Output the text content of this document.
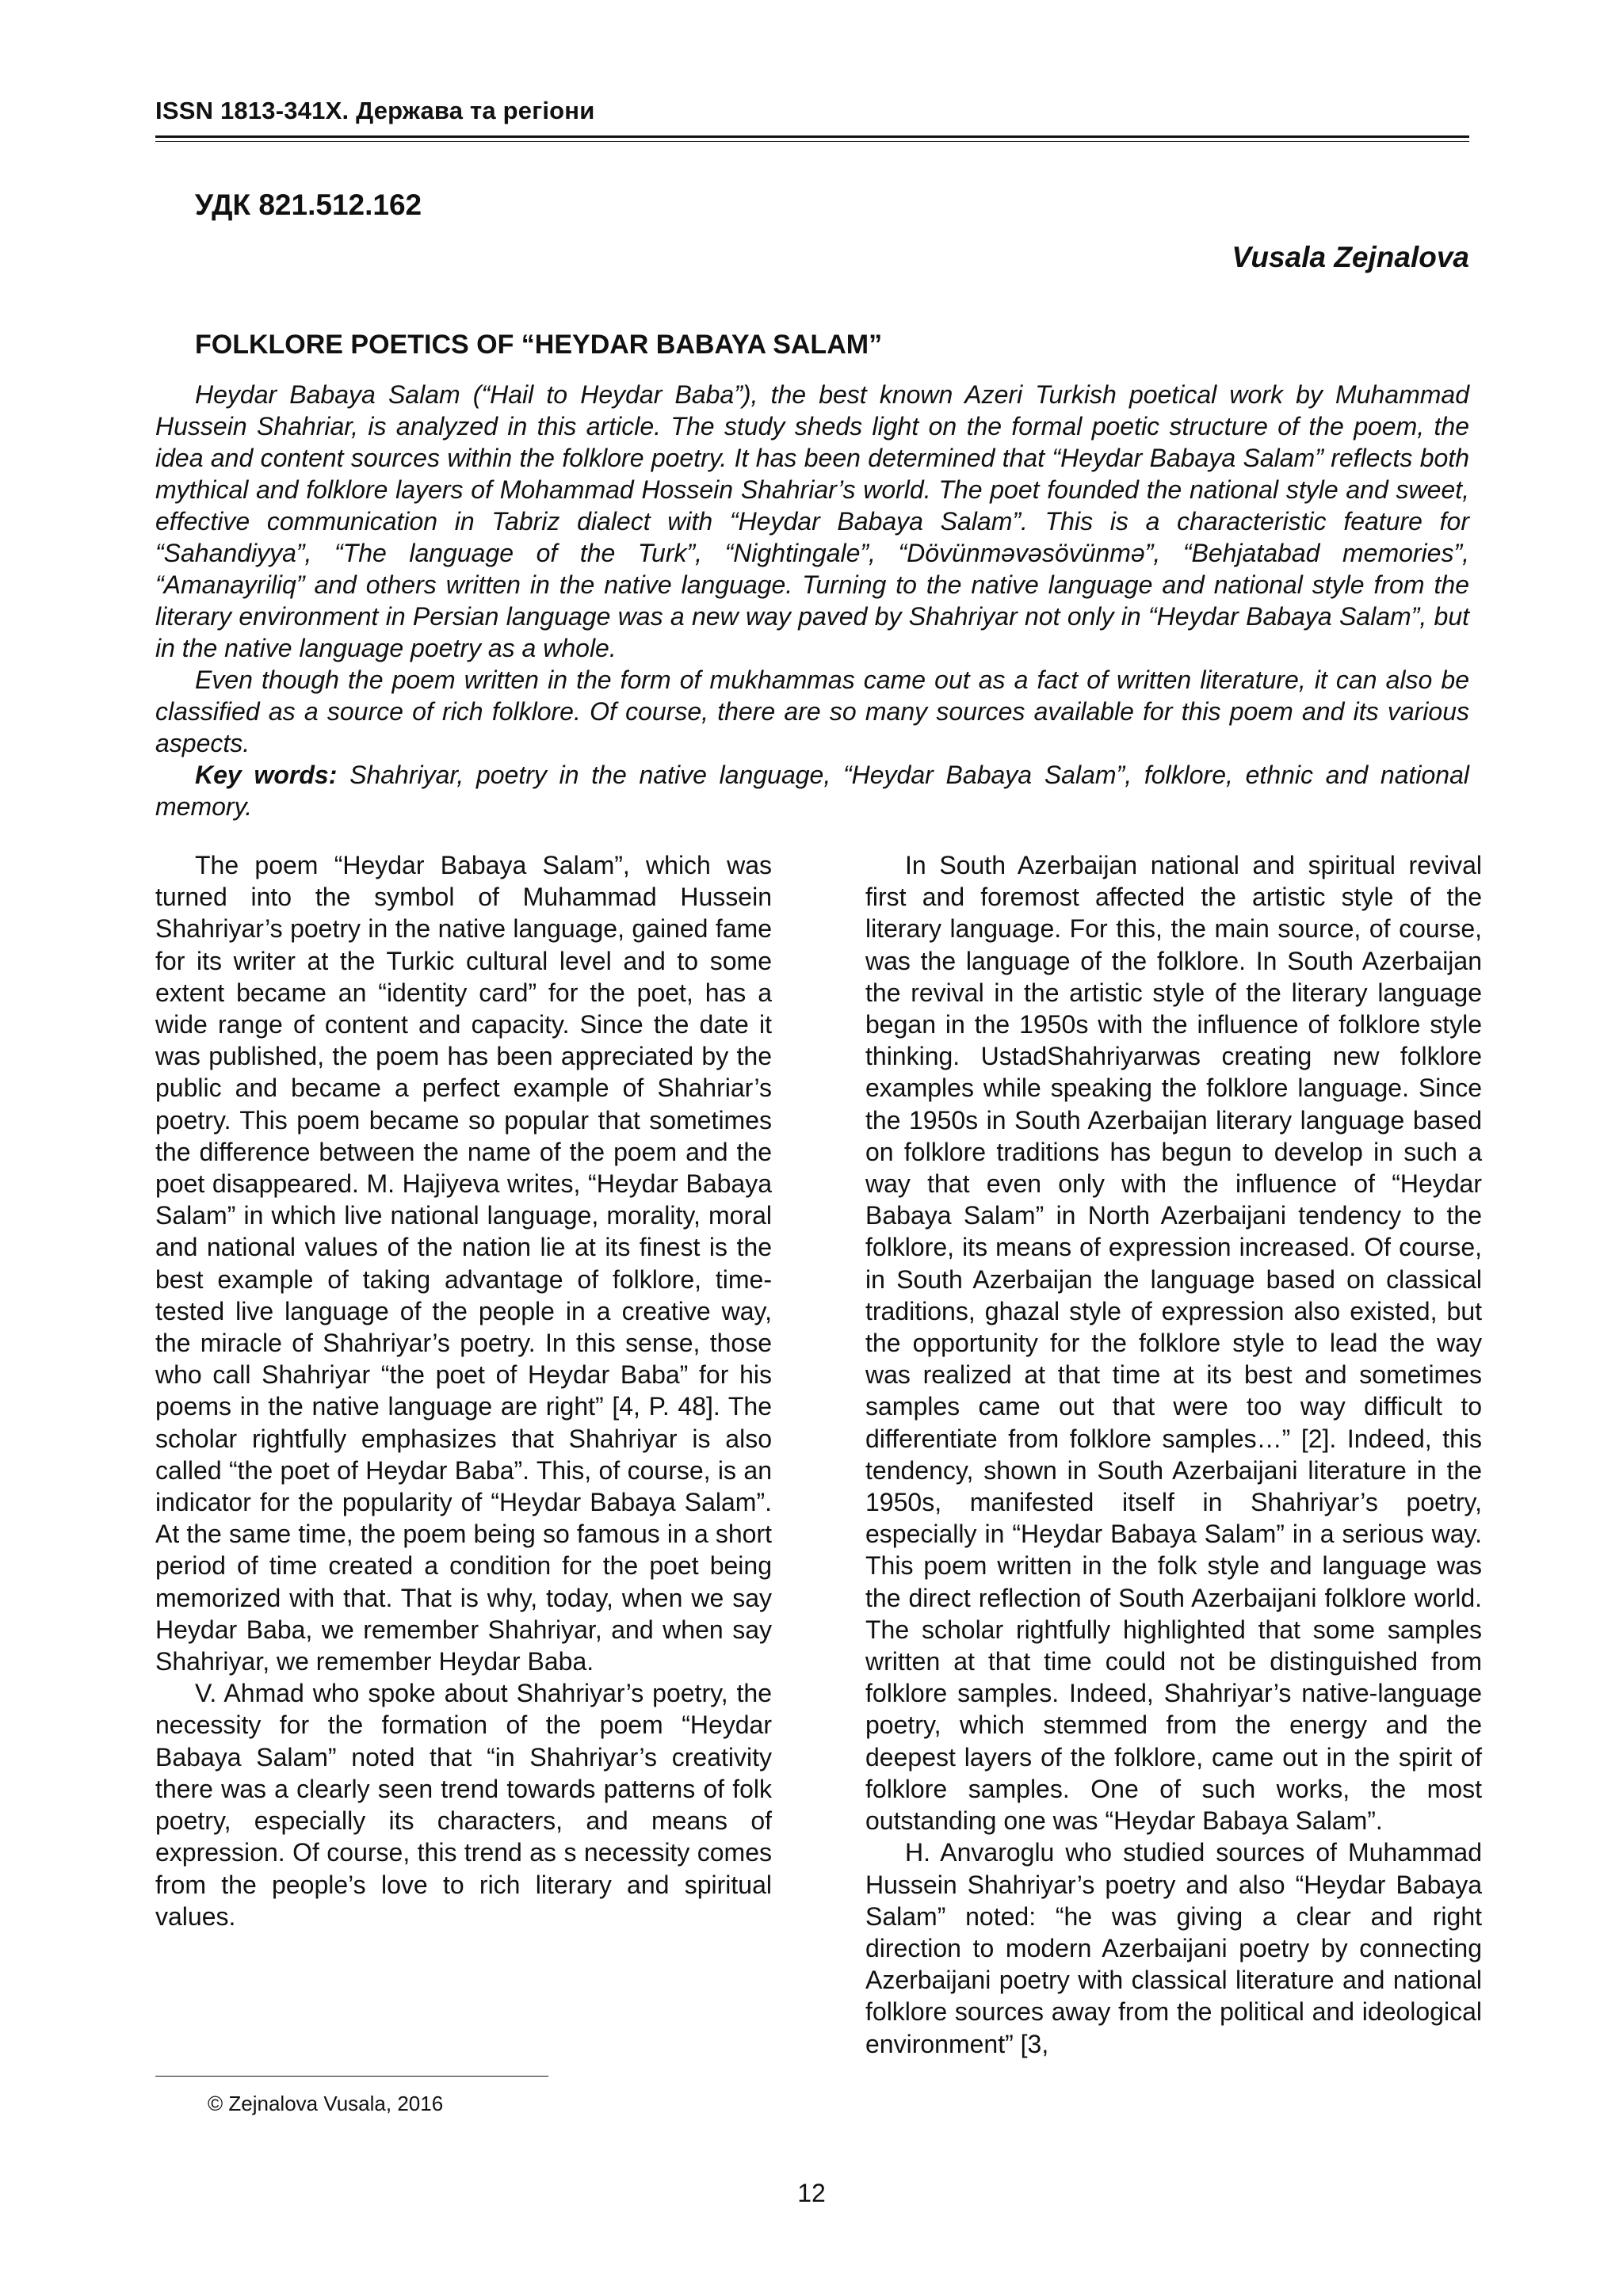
ISSN 1813-341Х. Держава та регіони
УДК 821.512.162
Vusala Zejnalova
FOLKLORE POETICS OF “HEYDAR BABAYA SALAM”

Heydar Babaya Salam (“Hail to Heydar Baba”), the best known Azeri Turkish poetical work by Muhammad Hussein Shahriar, is analyzed in this article. The study sheds light on the formal poetic structure of the poem, the idea and content sources within the folklore poetry. It has been determined that “Heydar Babaya Salam” reflects both mythical and folklore layers of Mohammad Hossein Shahriar’s world. The poet founded the national style and sweet, effective communication in Tabriz dialect with “Heydar Babaya Salam”. This is a characteristic feature for “Sahandiyya”, “The language of the Turk”, “Nightingale”, “Dövünməvəsövünmə”, “Behjatabad memories”, “Amanayriliq” and others written in the native language. Turning to the native language and national style from the literary environment in Persian language was a new way paved by Shahriyar not only in “Heydar Babaya Salam”, but in the native language poetry as a whole.

Even though the poem written in the form of mukhammas came out as a fact of written literature, it can also be classified as a source of rich folklore. Of course, there are so many sources available for this poem and its various aspects.

Key words: Shahriyar, poetry in the native language, “Heydar Babaya Salam”, folklore, ethnic and national memory.

The poem “Heydar Babaya Salam”, which was turned into the symbol of Muhammad Hussein Shahriyar’s poetry in the native language, gained fame for its writer at the Turkic cultural level and to some extent became an “identity card” for the poet, has a wide range of content and capacity. Since the date it was published, the poem has been appreciated by the public and became a perfect example of Shahriar’s poetry. This poem became so popular that sometimes the difference between the name of the poem and the poet disappeared. M. Hajiyeva writes, “Heydar Babaya Salam” in which live national language, morality, moral and national values of the nation lie at its finest is the best example of taking advantage of folklore, time-tested live language of the people in a creative way, the miracle of Shahriyar’s poetry. In this sense, those who call Shahriyar “the poet of Heydar Baba” for his poems in the native language are right” [4, P. 48]. The scholar rightfully emphasizes that Shahriyar is also called “the poet of Heydar Baba”. This, of course, is an indicator for the popularity of “Heydar Babaya Salam”. At the same time, the poem being so famous in a short period of time created a condition for the poet being memorized with that. That is why, today, when we say Heydar Baba, we remember Shahriyar, and when say Shahriyar, we remember Heydar Baba.

V. Ahmad who spoke about Shahriyar’s poetry, the necessity for the formation of the poem “Heydar Babaya Salam” noted that “in Shahriyar’s creativity there was a clearly seen trend towards patterns of folk poetry, especially its characters, and means of expression. Of course, this trend as s necessity comes from the people’s love to rich literary and spiritual values.

In South Azerbaijan national and spiritual revival first and foremost affected the artistic style of the literary language. For this, the main source, of course, was the language of the folklore. In South Azerbaijan the revival in the artistic style of the literary language began in the 1950s with the influence of folklore style thinking. UstadShahriyarwas creating new folklore examples while speaking the folklore language. Since the 1950s in South Azerbaijan literary language based on folklore traditions has begun to develop in such a way that even only with the influence of “Heydar Babaya Salam” in North Azerbaijani tendency to the folklore, its means of expression increased. Of course, in South Azerbaijan the language based on classical traditions, ghazal style of expression also existed, but the opportunity for the folklore style to lead the way was realized at that time at its best and sometimes samples came out that were too way difficult to differentiate from folklore samples…” [2]. Indeed, this tendency, shown in South Azerbaijani literature in the 1950s, manifested itself in Shahriyar’s poetry, especially in “Heydar Babaya Salam” in a serious way. This poem written in the folk style and language was the direct reflection of South Azerbaijani folklore world. The scholar rightfully highlighted that some samples written at that time could not be distinguished from folklore samples. Indeed, Shahriyar’s native-language poetry, which stemmed from the energy and the deepest layers of the folklore, came out in the spirit of folklore samples. One of such works, the most outstanding one was “Heydar Babaya Salam”.

H. Anvaroglu who studied sources of Muhammad Hussein Shahriyar’s poetry and also “Heydar Babaya Salam” noted: “he was giving a clear and right direction to modern Azerbaijani poetry by connecting Azerbaijani poetry with classical literature and national folklore sources away from the political and ideological environment” [3,

© Zejnalova Vusala, 2016
12
